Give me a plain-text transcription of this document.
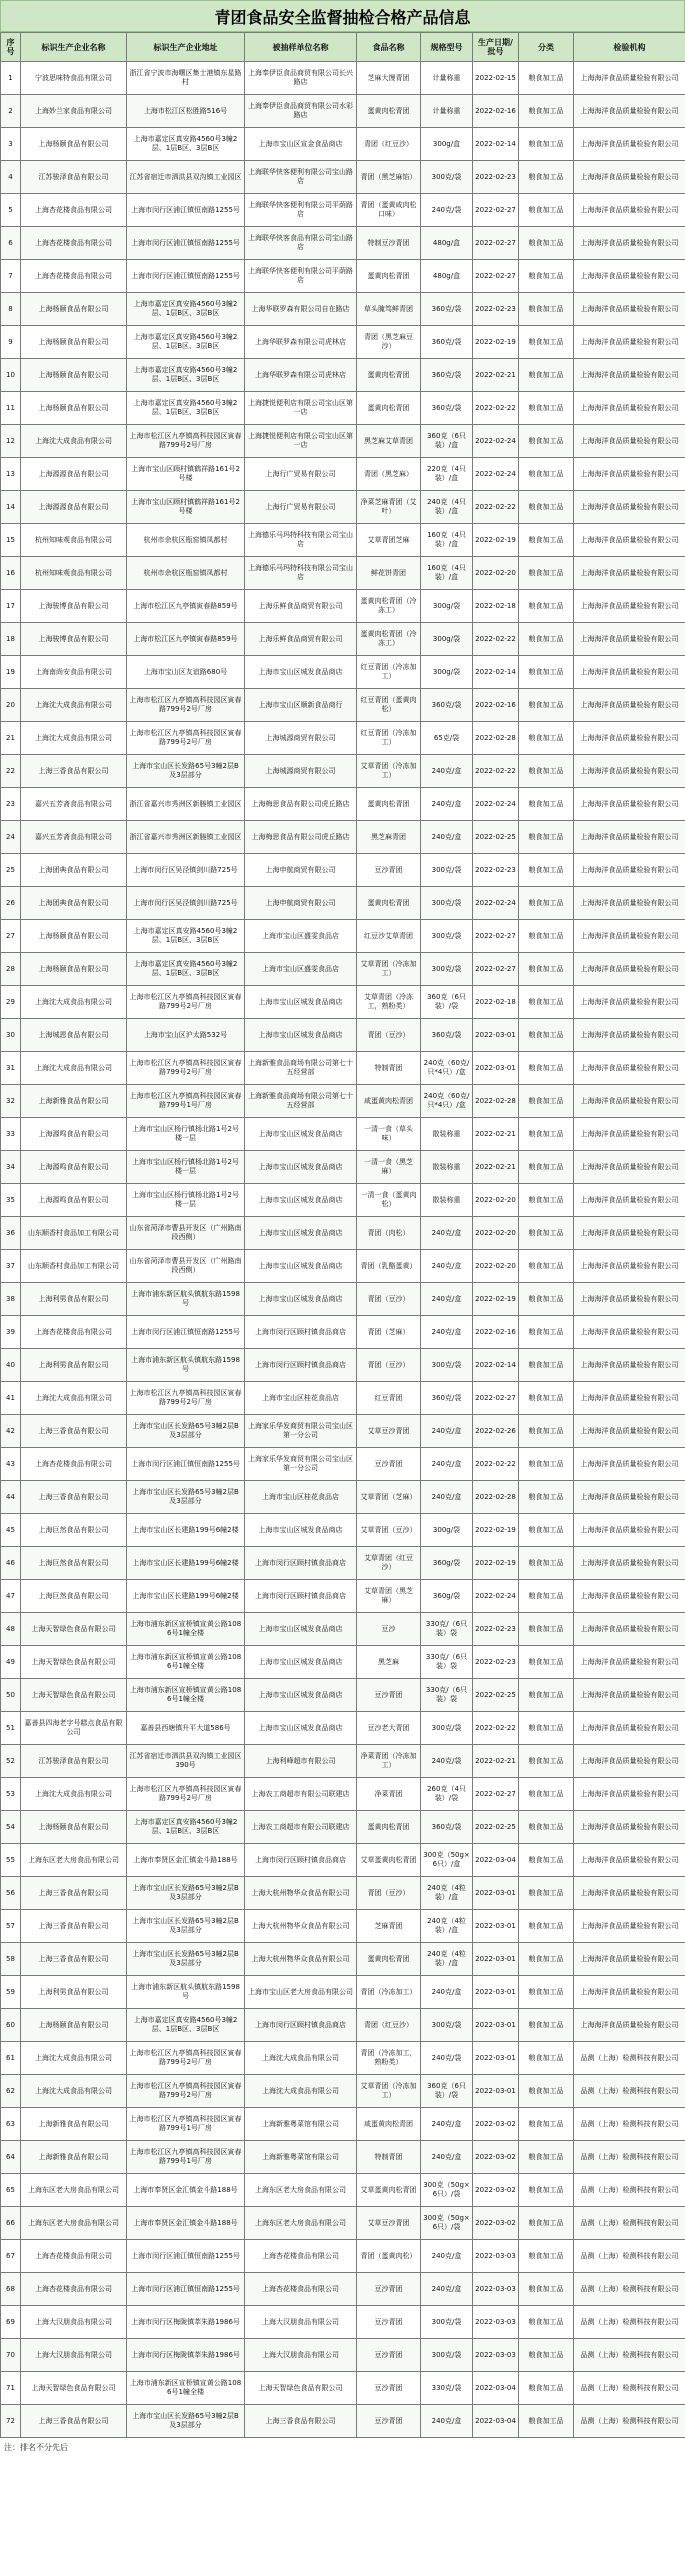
青团食品安全监督抽检合格产品信息
序号	标识生产企业名称	标识生产企业地址	被抽样单位名称	食品名称	规格型号	生产日期/批号	分类	检验机构
1	宁波思味特食品有限公司	浙江省宁波市海曙区集士港镇东星路村	上海奉伊臣食品商贸有限公司长兴路店	芝麻大馒青团	计量称重	2022-02-15	粮食加工品	上海海洋食品质量检验有限公司
2	上海妙兰家食品有限公司	上海市松江区松胜路516号	上海奉伊臣食品商贸有限公司水彩路店	蛋黄肉松青团	计量称重	2022-02-16	粮食加工品	上海海洋食品质量检验有限公司
3	上海杨颐食品有限公司	上海市嘉定区真安路4560号3幢2层、1层B区、3层B区	上海市宝山区宣金食品商店	青团（红豆沙）	300g/盒	2022-02-14	粮食加工品	上海海洋食品质量检验有限公司
4	江苏骏泽食品有限公司	江苏省宿迁市泗洪县双沟镇工业园区	上海联华快客便利有限公司宝山路店	青团（黑芝麻馅）	300克/袋	2022-02-23	粮食加工品	上海海洋食品质量检验有限公司
5	上海杏花楼食品有限公司	上海市闵行区浦江镇恒南路1255号	上海联华快客便利有限公司平荫路店	青团（蛋黄咸肉松口味）	240克/袋	2022-02-27	粮食加工品	上海海洋食品质量检验有限公司
6	上海杏花楼食品有限公司	上海市闵行区浦江镇恒南路1255号	上海联华快客食品有限公司宝山路店	特制豆沙青团	480g/盒	2022-02-27	粮食加工品	上海海洋食品质量检验有限公司
7	上海杏花楼食品有限公司	上海市闵行区浦江镇恒南路1255号	上海联华快客便利有限公司平荫路店	蛋黄肉松青团	480g/盒	2022-02-27	粮食加工品	上海海洋食品质量检验有限公司
8	上海杨颐食品有限公司	上海市嘉定区真安路4560号3幢2层、1层B区、3层B区	上海华联罗森有限公司自在路店	草头腌笃鲜青团	360克/袋	2022-02-23	粮食加工品	上海海洋食品质量检验有限公司
9	上海杨颐食品有限公司	上海市嘉定区真安路4560号3幢2层、1层B区、3层B区	上海华联罗森有限公司虎林店	青团（黑芝麻豆沙）	360克/袋	2022-02-19	粮食加工品	上海海洋食品质量检验有限公司
10	上海杨颐食品有限公司	上海市嘉定区真安路4560号3幢2层、1层B区、3层B区	上海华联罗森有限公司虎林店	蛋黄肉松青团	360克/袋	2022-02-21	粮食加工品	上海海洋食品质量检验有限公司
11	上海杨颐食品有限公司	上海市嘉定区真安路4560号3幢2层、1层B区、3层B区	上海捷悦便利店有限公司宝山区第一店	蛋黄肉松青团	360克/袋	2022-02-22	粮食加工品	上海海洋食品质量检验有限公司
12	上海沈大成食品有限公司	上海市松江区九亭镇高科技园区寅春路799号2号厂房	上海捷悦便利店有限公司宝山区第一店	黑芝麻艾草青团	360克（6只装）/盒	2022-02-24	粮食加工品	上海海洋食品质量检验有限公司
13	上海源源食品有限公司	上海市宝山区顾村镇鹤祥路161号2号楼	上海行广贸易有限公司	青团（黑芝麻）	220克（4只装）/盒	2022-02-24	粮食加工品	上海海洋食品质量检验有限公司
14	上海源源食品有限公司	上海市宝山区顾村镇鹤祥路161号2号楼	上海行广贸易有限公司	净菜芝麻青团（艾叶）	240克（4只装）/盒	2022-02-22	粮食加工品	上海海洋食品质量检验有限公司
15	杭州知味观食品有限公司	杭州市余杭区瓶窑镇凤都村	上海德乐马玛特科技有限公司宝山店	艾草青团芝麻	160克（4只装）/盒	2022-02-19	粮食加工品	上海海洋食品质量检验有限公司
16	杭州知味观食品有限公司	杭州市余杭区瓶窑镇凤都村	上海德乐马玛特科技有限公司宝山店	鲜花饼青团	160克（4只装）/盒	2022-02-20	粮食加工品	上海海洋食品质量检验有限公司
17	上海骏博食品有限公司	上海市松江区九亭镇寅春路859号	上海乐鲜食品商贸有限公司	蛋黄肉松青团（冷冻工）	300g/袋	2022-02-18	粮食加工品	上海海洋食品质量检验有限公司
18	上海骏博食品有限公司	上海市松江区九亭镇寅春路859号	上海乐鲜食品商贸有限公司	蛋黄肉松青团（冷冻工）	300g/袋	2022-02-22	粮食加工品	上海海洋食品质量检验有限公司
19	上海南尚安食品有限公司	上海市宝山区友谊路680号	上海市宝山区城发食品商店	红豆青团（冷冻加工）	300g/袋	2022-02-14	粮食加工品	上海海洋食品质量检验有限公司
20	上海沈大成食品有限公司	上海市松江区九亭镇高科技园区寅春路799号2号厂房	上海市宝山区顺新食品商行	红豆青团（蛋黄肉松）	360克/袋	2022-02-16	粮食加工品	上海海洋食品质量检验有限公司
21	上海沈大成食品有限公司	上海市松江区九亭镇高科技园区寅春路799号2号厂房	上海城源商贸有限公司	红豆青团（冷冻加工）	65克/袋	2022-02-28	粮食加工品	上海海洋食品质量检验有限公司
22	上海三香食品有限公司	上海市宝山区长发路65号3幢2层B及3层部分	上海城源商贸有限公司	艾草青团（冷冻加工）	240克/盒	2022-02-22	粮食加工品	上海海洋食品质量检验有限公司
23	嘉兴五芳斋食品有限公司	浙江省嘉兴市秀洲区新塍镇工业园区	上海梅思食品有限公司虎丘路店	蛋黄肉松青团	240克/盒	2022-02-24	粮食加工品	上海海洋食品质量检验有限公司
24	嘉兴五芳斋食品有限公司	浙江省嘉兴市秀洲区新塍镇工业园区	上海梅思食品有限公司虎丘路店	黑芝麻青团	240克/盒	2022-02-25	粮食加工品	上海海洋食品质量检验有限公司
25	上海团典食品有限公司	上海市闵行区吴泾镇剑川路725号	上海申航商贸有限公司	豆沙青团	300克/袋	2022-02-23	粮食加工品	上海海洋食品质量检验有限公司
26	上海团典食品有限公司	上海市闵行区吴泾镇剑川路725号	上海申航商贸有限公司	蛋黄肉松青团	300克/袋	2022-02-24	粮食加工品	上海海洋食品质量检验有限公司
27	上海杨颐食品有限公司	上海市嘉定区真安路4560号3幢2层、1层B区、3层B区	上海市宝山区盛雯食品店	红豆沙艾草青团	300克/袋	2022-02-27	粮食加工品	上海海洋食品质量检验有限公司
28	上海杨颐食品有限公司	上海市嘉定区真安路4560号3幢2层、1层B区、3层B区	上海市宝山区盛雯食品店	艾草青团（冷冻加工）	300克/袋	2022-02-27	粮食加工品	上海海洋食品质量检验有限公司
29	上海沈大成食品有限公司	上海市松江区九亭镇高科技园区寅春路799号2号厂房	上海市宝山区城发食品商店	艾草青团（冷冻工，熟粉类）	360克（6只装）/袋	2022-02-18	粮食加工品	上海海洋食品质量检验有限公司
30	上海城恩食品有限公司	上海市宝山区沪太路532号	上海市宝山区城发食品商店	青团（豆沙）	360克/袋	2022-03-01	粮食加工品	上海海洋食品质量检验有限公司
31	上海沈大成食品有限公司	上海市松江区九亭镇高科技园区寅春路799号2号厂房	上海新雅食品商场有限公司第七十五经营部	特制青团	240克（60克/只*4只）/盒	2022-03-01	粮食加工品	上海海洋食品质量检验有限公司
32	上海新雅食品有限公司	上海市松江区九亭镇高科技园区寅春路799号1号厂房	上海新雅食品商场有限公司第七十五经营部	咸蛋黄肉松青团	240克（60克/只*4只）/盒	2022-02-28	粮食加工品	上海海洋食品质量检验有限公司
33	上海源鸣食品有限公司	上海市宝山区杨行镇杨北路1号2号楼一层	上海市宝山区城发食品商店	一清一食（草头味）	散装称重	2022-02-21	粮食加工品	上海海洋食品质量检验有限公司
34	上海源鸣食品有限公司	上海市宝山区杨行镇杨北路1号2号楼一层	上海市宝山区城发食品商店	一清一食（黑芝麻）	散装称重	2022-02-21	粮食加工品	上海海洋食品质量检验有限公司
35	上海源鸣食品有限公司	上海市宝山区杨行镇杨北路1号2号楼一层	上海市宝山区城发食品商店	一清一食（蛋黄肉松）	散装称重	2022-02-20	粮食加工品	上海海洋食品质量检验有限公司
36	山东顺香村食品加工有限公司	山东省菏泽市曹县开发区（广州路南段西侧）	上海市宝山区城发食品商店	青团（肉松）	240克/盒	2022-02-20	粮食加工品	上海海洋食品质量检验有限公司
37	山东顺香村食品加工有限公司	山东省菏泽市曹县开发区（广州路南段西侧）	上海市宝山区城发食品商店	青团（乳酪蛋黄）	240克/盒	2022-02-20	粮食加工品	上海海洋食品质量检验有限公司
38	上海利男食品有限公司	上海市浦东新区航头镇航东路1598号	上海市宝山区城发食品商店	青团（豆沙）	240克/盒	2022-02-19	粮食加工品	上海海洋食品质量检验有限公司
39	上海杏花楼食品有限公司	上海市闵行区浦江镇恒南路1255号	上海市闵行区顾村镇食品商店	青团（芝麻）	240克/盒	2022-02-16	粮食加工品	上海海洋食品质量检验有限公司
40	上海利男食品有限公司	上海市浦东新区航头镇航东路1598号	上海市闵行区顾村镇食品商店	青团（豆沙）	300克/袋	2022-02-14	粮食加工品	上海海洋食品质量检验有限公司
41	上海沈大成食品有限公司	上海市松江区九亭镇高科技园区寅春路799号2号厂房	上海市宝山区桂花食品店	红豆青团	360克/袋	2022-02-27	粮食加工品	上海海洋食品质量检验有限公司
42	上海三香食品有限公司	上海市宝山区长发路65号3幢2层B及3层部分	上海家乐华发商贸有限公司宝山区第一分公司	艾草豆沙青团	240克/盒	2022-02-26	粮食加工品	上海海洋食品质量检验有限公司
43	上海杏花楼食品有限公司	上海市闵行区浦江镇恒南路1255号	上海家乐华发商贸有限公司宝山区第一分公司	豆沙青团	240克/盒	2022-02-22	粮食加工品	上海海洋食品质量检验有限公司
44	上海三香食品有限公司	上海市宝山区长发路65号3幢2层B及3层部分	上海市宝山区桂花食品店	艾草青团（芝麻）	240克/盒	2022-02-28	粮食加工品	上海海洋食品质量检验有限公司
45	上海巨然食品有限公司	上海市宝山区长建路199号6幢2楼	上海市宝山区城发食品商店	艾草青团（豆沙）	300g/袋	2022-02-19	粮食加工品	上海海洋食品质量检验有限公司
46	上海巨然食品有限公司	上海市宝山区长建路199号6幢2楼	上海市闵行区顾村镇食品商店	艾草青团（红豆沙）	360g/袋	2022-02-19	粮食加工品	上海海洋食品质量检验有限公司
47	上海巨然食品有限公司	上海市宝山区长建路199号6幢2楼	上海市闵行区顾村镇食品商店	艾草青团（黑芝麻）	360g/袋	2022-02-24	粮食加工品	上海海洋食品质量检验有限公司
48	上海天智绿色食品有限公司	上海市浦东新区宣桥镇宣黄公路1086号1幢全楼	上海市宝山区城发食品商店	豆沙	330克/（6只装）袋	2022-02-23	粮食加工品	上海海洋食品质量检验有限公司
49	上海天智绿色食品有限公司	上海市浦东新区宣桥镇宣黄公路1086号1幢全楼	上海市宝山区城发食品商店	黑芝麻	330克/（6只装）袋	2022-02-23	粮食加工品	上海海洋食品质量检验有限公司
50	上海天智绿色食品有限公司	上海市浦东新区宣桥镇宣黄公路1086号1幢全楼	上海市宝山区城发食品商店	豆沙青团	330克/（6只装）袋	2022-02-25	粮食加工品	上海海洋食品质量检验有限公司
51	嘉善县四海老字号糕点食品有限公司	嘉善县西塘镇升平大道586号	上海市宝山区城发食品商店	豆沙老大青团	300克/袋	2022-02-22	粮食加工品	上海海洋食品质量检验有限公司
52	江苏骏泽食品有限公司	江苏省宿迁市泗洪县双沟镇工业园区390号	上海利峰超市有限公司	净菜青团（冷冻加工）	240克/袋	2022-02-21	粮食加工品	上海海洋食品质量检验有限公司
53	上海沈大成食品有限公司	上海市松江区九亭镇高科技园区寅春路799号2号厂房	上海农工商超市有限公司联建店	净菜青团	260克（4只装）/袋	2022-02-27	粮食加工品	上海海洋食品质量检验有限公司
54	上海杨颐食品有限公司	上海市嘉定区真安路4560号3幢2层、1层B区、3层B区	上海农工商超市有限公司联建店	蛋黄肉松青团	360克/袋	2022-02-25	粮食加工品	上海海洋食品质量检验有限公司
55	上海东区老大房食品有限公司	上海市奉贤区金汇镇金斗路188号	上海市闵行区顾村镇食品商店	艾草蛋黄肉松青团	300克（50g×6只）/盒	2022-03-04	粮食加工品	上海海洋食品质量检验有限公司
56	上海三香食品有限公司	上海市宝山区长发路65号3幢2层B及3层部分	上海大杭州物华众食品有限公司	青团（豆沙）	240克（4粒装）/盒	2022-03-01	粮食加工品	上海海洋食品质量检验有限公司
57	上海三香食品有限公司	上海市宝山区长发路65号3幢2层B及3层部分	上海大杭州物华众食品有限公司	芝麻青团	240克（4粒装）/盒	2022-03-01	粮食加工品	上海海洋食品质量检验有限公司
58	上海三香食品有限公司	上海市宝山区长发路65号3幢2层B及3层部分	上海大杭州物华众食品有限公司	蛋黄肉松青团	240克（4粒装）/盒	2022-03-01	粮食加工品	上海海洋食品质量检验有限公司
59	上海利男食品有限公司	上海市浦东新区航头镇航东路1598号	上海市宝山区老大房食品有限公司	青团（冷冻加工）	240克/盒	2022-03-01	粮食加工品	上海海洋食品质量检验有限公司
60	上海杨颐食品有限公司	上海市嘉定区真安路4560号3幢2层、1层B区、3层B区	上海市闵行区顾村镇食品商店	青团（红豆沙）	300克/袋	2022-03-01	粮食加工品	上海海洋食品质量检验有限公司
61	上海沈大成食品有限公司	上海市松江区九亭镇高科技园区寅春路799号2号厂房	上海沈大成食品有限公司	青团（冷冻加工，熟粉类）	240克/袋	2022-03-01	粮食加工品	品测（上海）检测科技有限公司
62	上海沈大成食品有限公司	上海市松江区九亭镇高科技园区寅春路799号2号厂房	上海沈大成食品有限公司	艾草青团（冷冻加工）	360克（6只装）/袋	2022-03-01	粮食加工品	品测（上海）检测科技有限公司
63	上海新雅食品有限公司	上海市松江区九亭镇高科技园区寅春路799号1号厂房	上海新雅粤菜馆有限公司	咸蛋黄肉松青团	240克/盒	2022-03-02	粮食加工品	品测（上海）检测科技有限公司
64	上海新雅食品有限公司	上海市松江区九亭镇高科技园区寅春路799号1号厂房	上海新雅粤菜馆有限公司	特制青团	240克/盒	2022-03-02	粮食加工品	品测（上海）检测科技有限公司
65	上海东区老大房食品有限公司	上海市奉贤区金汇镇金斗路188号	上海东区老大房食品有限公司	艾草蛋黄肉松青团	300克（50g×6只）/袋	2022-03-02	粮食加工品	品测（上海）检测科技有限公司
66	上海东区老大房食品有限公司	上海市奉贤区金汇镇金斗路188号	上海东区老大房食品有限公司	艾草豆沙青团	300克（50g×6只）/袋	2022-03-02	粮食加工品	品测（上海）检测科技有限公司
67	上海杏花楼食品有限公司	上海市闵行区浦江镇恒南路1255号	上海杏花楼食品有限公司	青团（蛋黄肉松）	240克/盒	2022-03-03	粮食加工品	品测（上海）检测科技有限公司
68	上海杏花楼食品有限公司	上海市闵行区浦江镇恒南路1255号	上海杏花楼食品有限公司	豆沙青团	240克/盒	2022-03-03	粮食加工品	品测（上海）检测科技有限公司
69	上海大汉朋食品有限公司	上海市闵行区梅陇镇莘朱路1986号	上海大汉朋食品有限公司	豆沙青团	300克/袋	2022-03-03	粮食加工品	品测（上海）检测科技有限公司
70	上海大汉朋食品有限公司	上海市闵行区梅陇镇莘朱路1986号	上海大汉朋食品有限公司	豆沙青团	300克/袋	2022-03-03	粮食加工品	品测（上海）检测科技有限公司
71	上海天智绿色食品有限公司	上海市浦东新区宣桥镇宣黄公路1086号1幢全楼	上海天智绿色食品有限公司	豆沙青团	330克/袋	2022-03-04	粮食加工品	品测（上海）检测科技有限公司
72	上海三香食品有限公司	上海市宝山区长发路65号3幢2层B及3层部分	上海三香食品有限公司	豆沙青团	240克/盒	2022-03-04	粮食加工品	品测（上海）检测科技有限公司
注：排名不分先后
